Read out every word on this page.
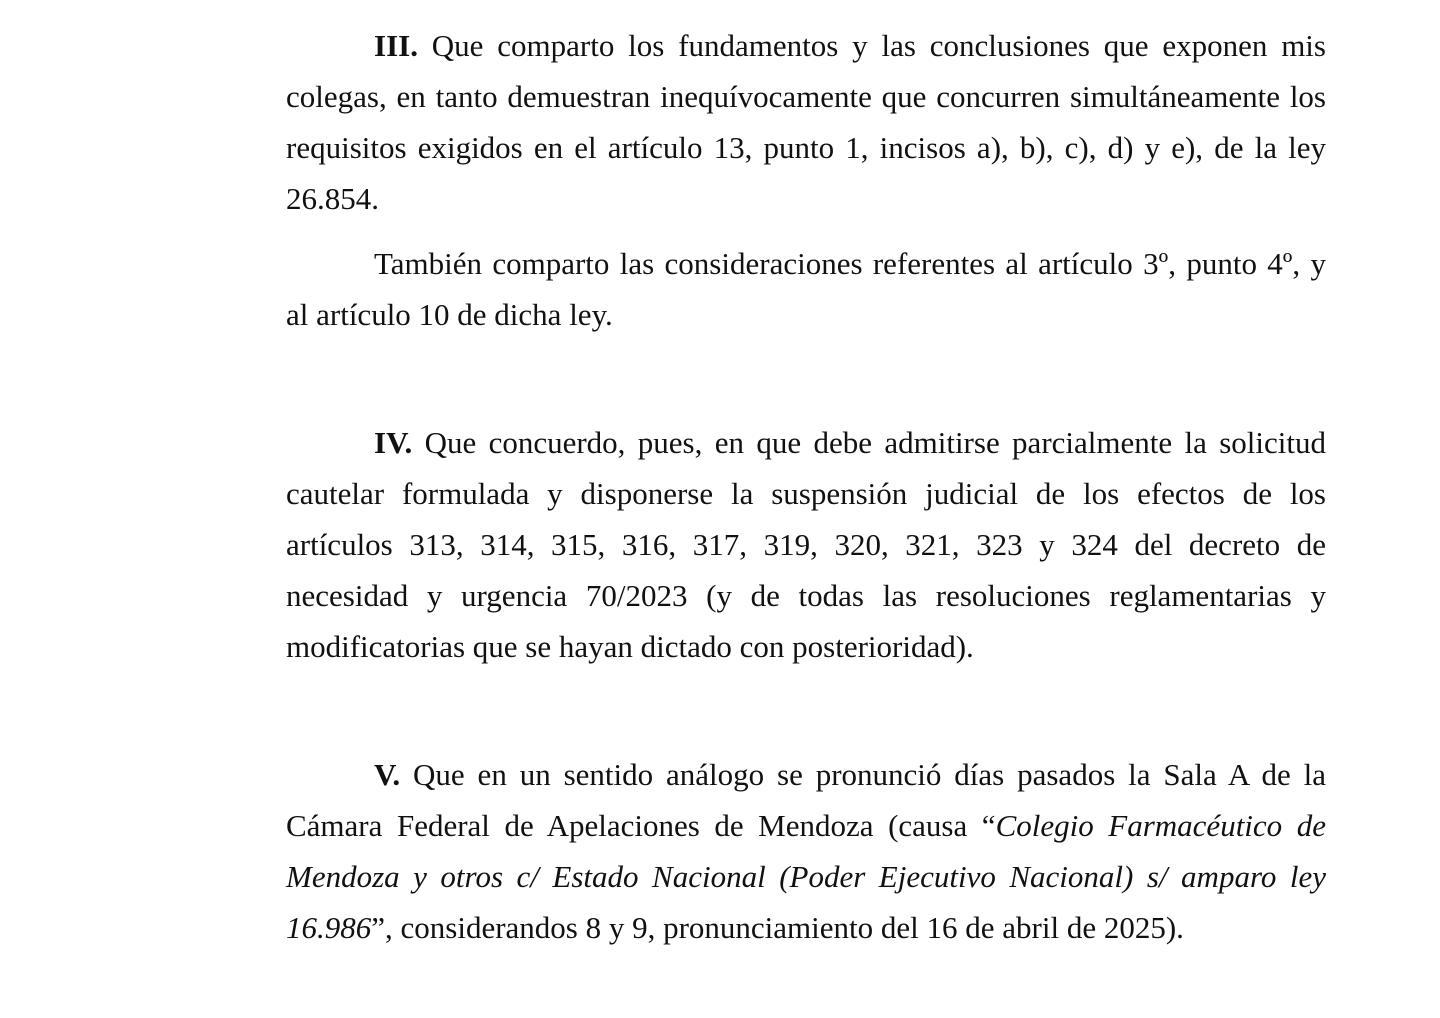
III. Que comparto los fundamentos y las conclusiones que exponen mis colegas, en tanto demuestran inequívocamente que concurren simultáneamente los requisitos exigidos en el artículo 13, punto 1, incisos a), b), c), d) y e), de la ley 26.854.

También comparto las consideraciones referentes al artículo 3º, punto 4º, y al artículo 10 de dicha ley.

IV. Que concuerdo, pues, en que debe admitirse parcialmente la solicitud cautelar formulada y disponerse la suspensión judicial de los efectos de los artículos 313, 314, 315, 316, 317, 319, 320, 321, 323 y 324 del decreto de necesidad y urgencia 70/2023 (y de todas las resoluciones reglamentarias y modificatorias que se hayan dictado con posterioridad).

V. Que en un sentido análogo se pronunció días pasados la Sala A de la Cámara Federal de Apelaciones de Mendoza (causa “Colegio Farmacéutico de Mendoza y otros c/ Estado Nacional (Poder Ejecutivo Nacional) s/ amparo ley 16.986”, considerandos 8 y 9, pronunciamiento del 16 de abril de 2025).
